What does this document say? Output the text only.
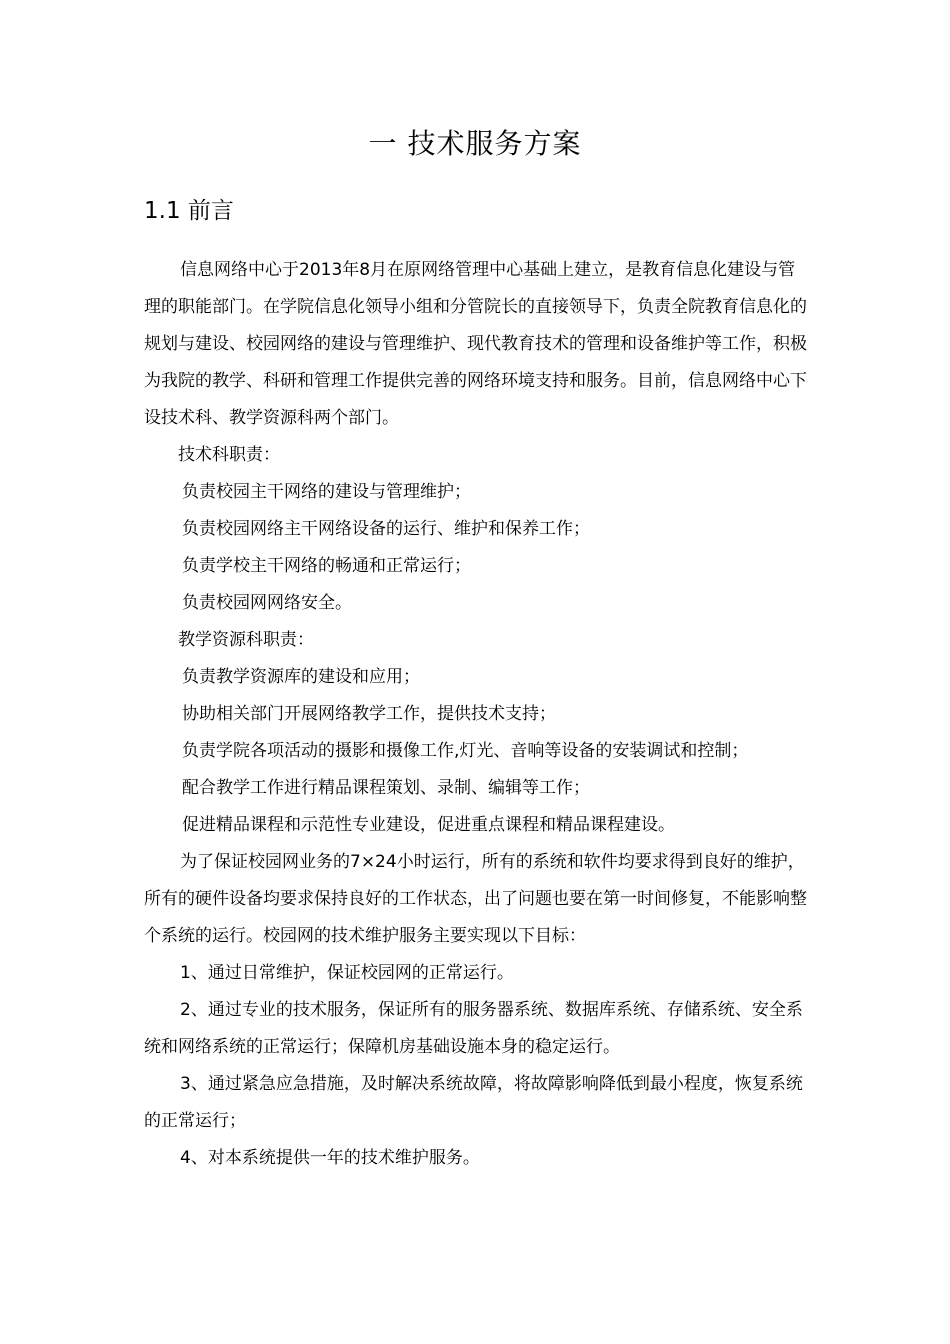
一 技术服务方案
1.1 前言

信息网络中心于2013年8月在原网络管理中心基础上建立，是教育信息化建设与管理的职能部门。在学院信息化领导小组和分管院长的直接领导下，负责全院教育信息化的规划与建设、校园网络的建设与管理维护、现代教育技术的管理和设备维护等工作，积极为我院的教学、科研和管理工作提供完善的网络环境支持和服务。目前，信息网络中心下设技术科、教学资源科两个部门。

技术科职责：

负责校园主干网络的建设与管理维护；

负责校园网络主干网络设备的运行、维护和保养工作；

负责学校主干网络的畅通和正常运行；

负责校园网网络安全。

教学资源科职责：

负责教学资源库的建设和应用；

协助相关部门开展网络教学工作，提供技术支持；

负责学院各项活动的摄影和摄像工作,灯光、音响等设备的安装调试和控制；

配合教学工作进行精品课程策划、录制、编辑等工作；

促进精品课程和示范性专业建设，促进重点课程和精品课程建设。

为了保证校园网业务的7×24小时运行，所有的系统和软件均要求得到良好的维护，所有的硬件设备均要求保持良好的工作状态，出了问题也要在第一时间修复，不能影响整个系统的运行。校园网的技术维护服务主要实现以下目标：

1、通过日常维护，保证校园网的正常运行。

2、通过专业的技术服务，保证所有的服务器系统、数据库系统、存储系统、安全系统和网络系统的正常运行；保障机房基础设施本身的稳定运行。

3、通过紧急应急措施，及时解决系统故障，将故障影响降低到最小程度，恢复系统的正常运行；

4、对本系统提供一年的技术维护服务。
